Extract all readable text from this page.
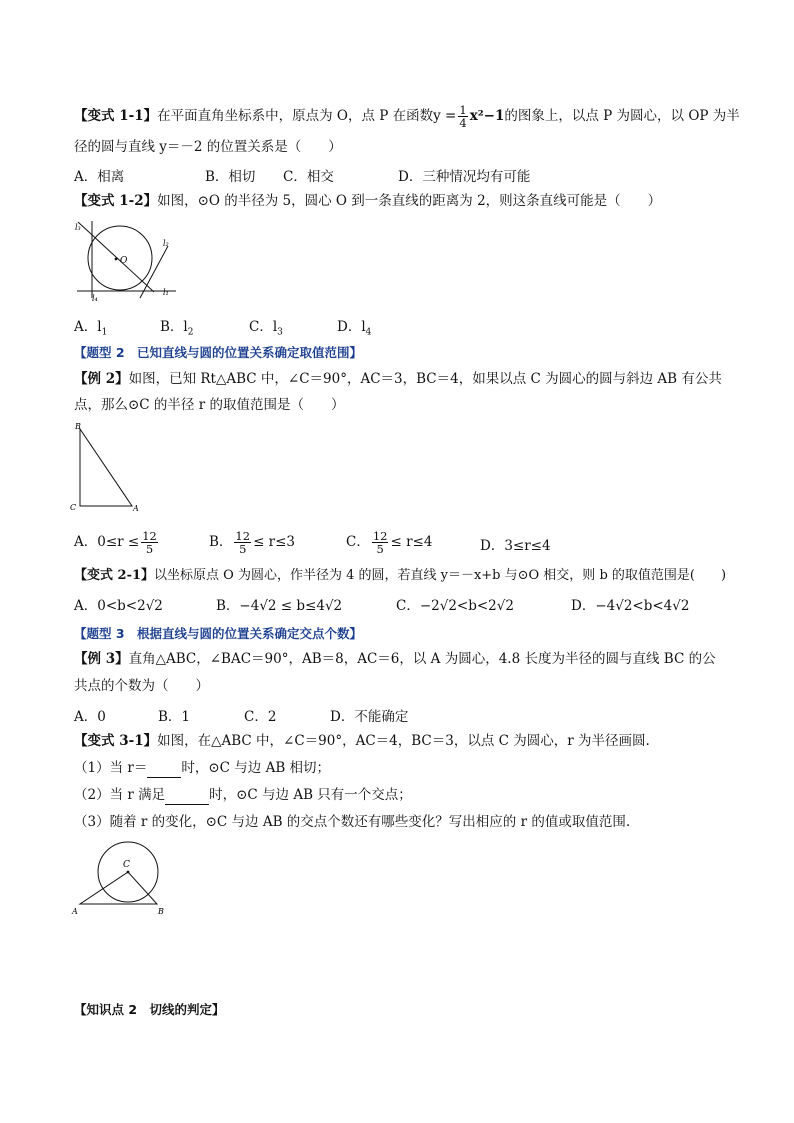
【变式 1-1】在平面直角坐标系中，原点为 O，点 P 在函数$y = \frac{1}{4} x^2-1$的图象上，以点 P 为圆心，以 OP 为半
径的圆与直线 y＝－2 的位置关系是（　　）
A．相离	B．相切 C．相交	D．三种情况均有可能
【变式 1-2】如图，⊙O 的半径为 5，圆心 O 到一条直线的距离为 2，则这条直线可能是（　　）
l₃
l₂
O
l₁
l₄
A．$l_1$	B．$l_2$	C．$l_3$	D．$l_4$
【题型 2　已知直线与圆的位置关系确定取值范围】
【例 2】如图，已知 Rt△ABC 中，∠C＝90°，AC＝3，BC＝4，如果以点 C 为圆心的圆与斜边 AB 有公共
点，那么⊙C 的半径 r 的取值范围是（　　）
B
C	A
A．$0\le r \le \frac{12}{5}$	B． $\frac{12}{5} \le r\le 3$	C． $\frac{12}{5} \le r\le 4$	D．3≤r≤4
【变式 2-1】以坐标原点 O 为圆心，作半径为 4 的圆，若直线 y＝－x+b 与⊙O 相交，则 b 的取值范围是(　　)
A．0<b<2√2	B．−4√2 ≤ b≤4√2	C．−2√2<b<2√2	D．−4√2<b<4√2
【题型 3　根据直线与圆的位置关系确定交点个数】
【例 3】直角△ABC，∠BAC＝90°，AB＝8，AC＝6，以 A 为圆心，4.8 长度为半径的圆与直线 BC 的公
共点的个数为（　　）
A．0	B．1	C．2	D．不能确定
【变式 3-1】如图，在△ABC 中，∠C＝90°，AC＝4，BC＝3，以点 C 为圆心，r 为半径画圆.
（1）当 r＝	时，⊙C 与边 AB 相切；
（2）当 r 满足	时，⊙C 与边 AB 只有一个交点；
（3）随着 r 的变化，⊙C 与边 AB 的交点个数还有哪些变化？写出相应的 r 的值或取值范围.
C
A	B
【知识点 2　切线的判定】
